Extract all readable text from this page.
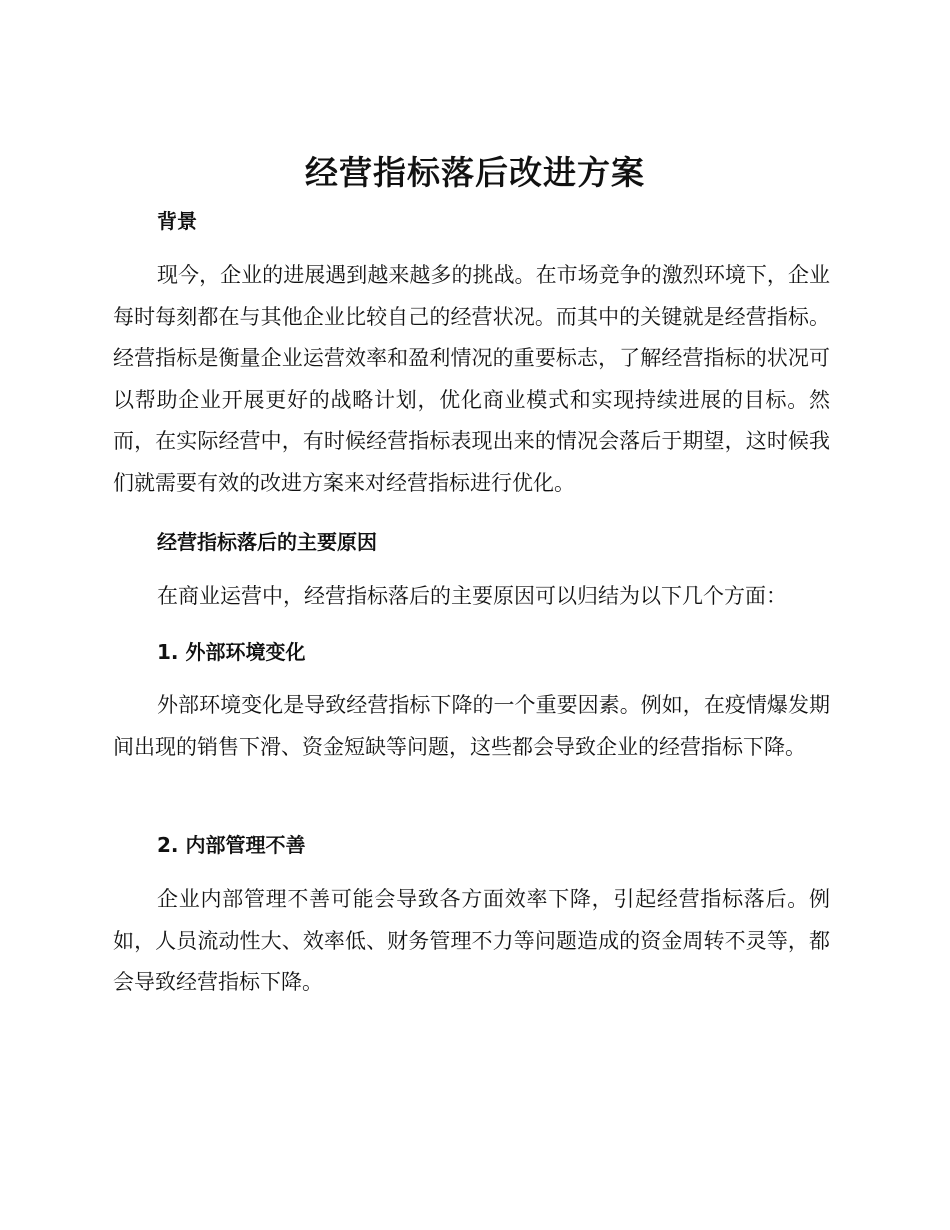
经营指标落后改进方案
背景

现今，企业的进展遇到越来越多的挑战。在市场竞争的激烈环境下，企业每时每刻都在与其他企业比较自己的经营状况。而其中的关键就是经营指标。经营指标是衡量企业运营效率和盈利情况的重要标志，了解经营指标的状况可以帮助企业开展更好的战略计划，优化商业模式和实现持续进展的目标。然而，在实际经营中，有时候经营指标表现出来的情况会落后于期望，这时候我们就需要有效的改进方案来对经营指标进行优化。

经营指标落后的主要原因

在商业运营中，经营指标落后的主要原因可以归结为以下几个方面：

1. 外部环境变化

外部环境变化是导致经营指标下降的一个重要因素。例如，在疫情爆发期间出现的销售下滑、资金短缺等问题，这些都会导致企业的经营指标下降。

2. 内部管理不善

企业内部管理不善可能会导致各方面效率下降，引起经营指标落后。例如，人员流动性大、效率低、财务管理不力等问题造成的资金周转不灵等，都会导致经营指标下降。
